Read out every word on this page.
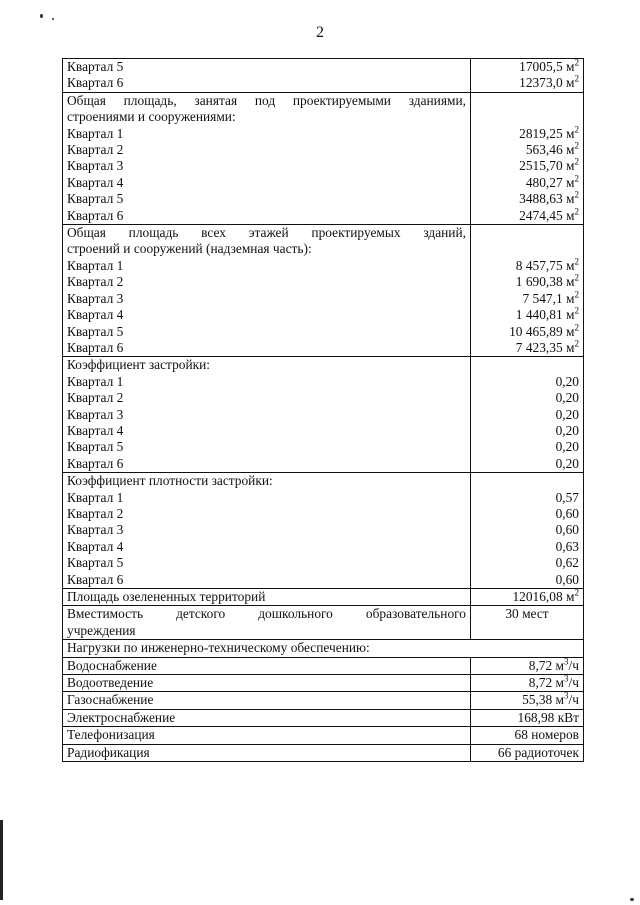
2
Квартал 5	17005,5 $м^2$
Квартал 6	12373,0 $м^2$

Общая площадь, занятая под проектируемыми зданиями,	

строениями и сооружениями:	
Квартал 1	2819,25 $м^2$
Квартал 2	563,46 $м^2$
Квартал 3	2515,70 $м^2$
Квартал 4	480,27 $м^2$
Квартал 5	3488,63 $м^2$
Квартал 6	2474,45 $м^2$

Общая площадь всех этажей проектируемых зданий,	

строений и сооружений (надземная часть):	
Квартал 1	8 457,75 $м^2$
Квартал 2	1 690,38 $м^2$
Квартал 3	7 547,1 $м^2$
Квартал 4	1 440,81 $м^2$
Квартал 5	10 465,89 $м^2$
Квартал 6	7 423,35 $м^2$
Коэффициент застройки:	
Квартал 1	0,20
Квартал 2	0,20
Квартал 3	0,20
Квартал 4	0,20
Квартал 5	0,20
Квартал 6	0,20
Коэффициент плотности застройки:	
Квартал 1	0,57
Квартал 2	0,60
Квартал 3	0,60
Квартал 4	0,63
Квартал 5	0,62
Квартал 6	0,60
Площадь озелененных территорий	12016,08 $м^2$

Вместимость детского дошкольного образовательного
учреждения	30 мест
Нагрузки по инженерно-техническому обеспечению:	
Водоснабжение	8,72 $м^3/ч$
Водоотведение	8,72 $м^3/ч$
Газоснабжение	55,38 $м^3/ч$
Электроснабжение	168,98 кВт
Телефонизация	68 номеров
Радиофикация	66 радиоточек
